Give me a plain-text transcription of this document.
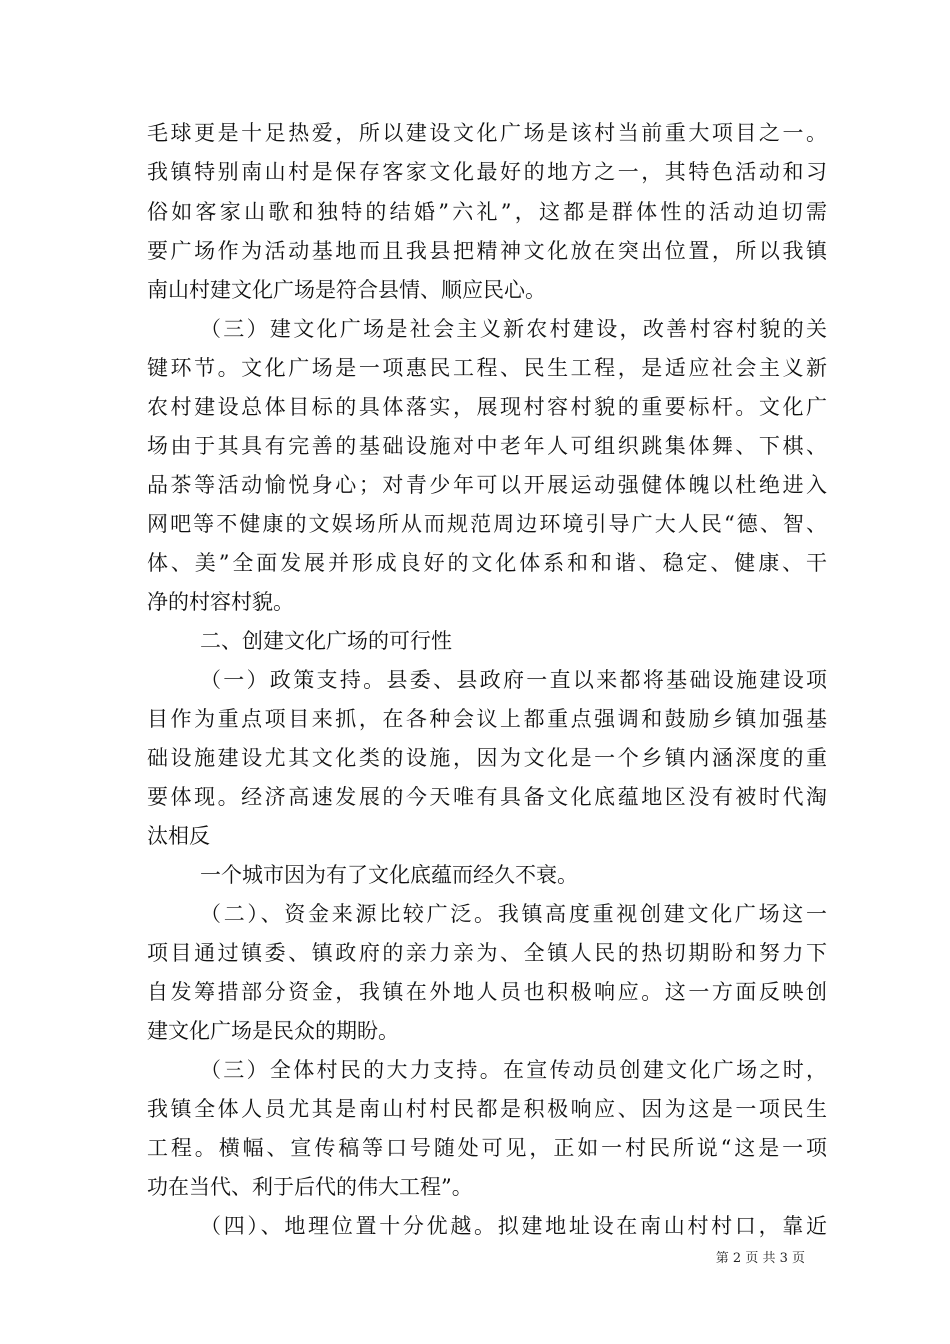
毛球更是十足热爱，所以建设文化广场是该村当前重大项目之一。
我镇特别南山村是保存客家文化最好的地方之一，其特色活动和习
俗如客家山歌和独特的结婚”六礼”，这都是群体性的活动迫切需
要广场作为活动基地而且我县把精神文化放在突出位置，所以我镇
南山村建文化广场是符合县情、顺应民心。
（三）建文化广场是社会主义新农村建设，改善村容村貌的关
键环节。文化广场是一项惠民工程、民生工程，是适应社会主义新
农村建设总体目标的具体落实，展现村容村貌的重要标杆。文化广
场由于其具有完善的基础设施对中老年人可组织跳集体舞、下棋、
品茶等活动愉悦身心；对青少年可以开展运动强健体魄以杜绝进入
网吧等不健康的文娱场所从而规范周边环境引导广大人民“德、智、
体、美”全面发展并形成良好的文化体系和和谐、稳定、健康、干
净的村容村貌。
二、创建文化广场的可行性
（一）政策支持。县委、县政府一直以来都将基础设施建设项
目作为重点项目来抓，在各种会议上都重点强调和鼓励乡镇加强基
础设施建设尤其文化类的设施，因为文化是一个乡镇内涵深度的重
要体现。经济高速发展的今天唯有具备文化底蕴地区没有被时代淘
汰相反
一个城市因为有了文化底蕴而经久不衰。
（二）、资金来源比较广泛。我镇高度重视创建文化广场这一
项目通过镇委、镇政府的亲力亲为、全镇人民的热切期盼和努力下
自发筹措部分资金，我镇在外地人员也积极响应。这一方面反映创
建文化广场是民众的期盼。
（三）全体村民的大力支持。在宣传动员创建文化广场之时，
我镇全体人员尤其是南山村村民都是积极响应、因为这是一项民生
工程。横幅、宣传稿等口号随处可见，正如一村民所说“这是一项
功在当代、利于后代的伟大工程”。
（四）、地理位置十分优越。拟建地址设在南山村村口，靠近
第 2 页 共 3 页
